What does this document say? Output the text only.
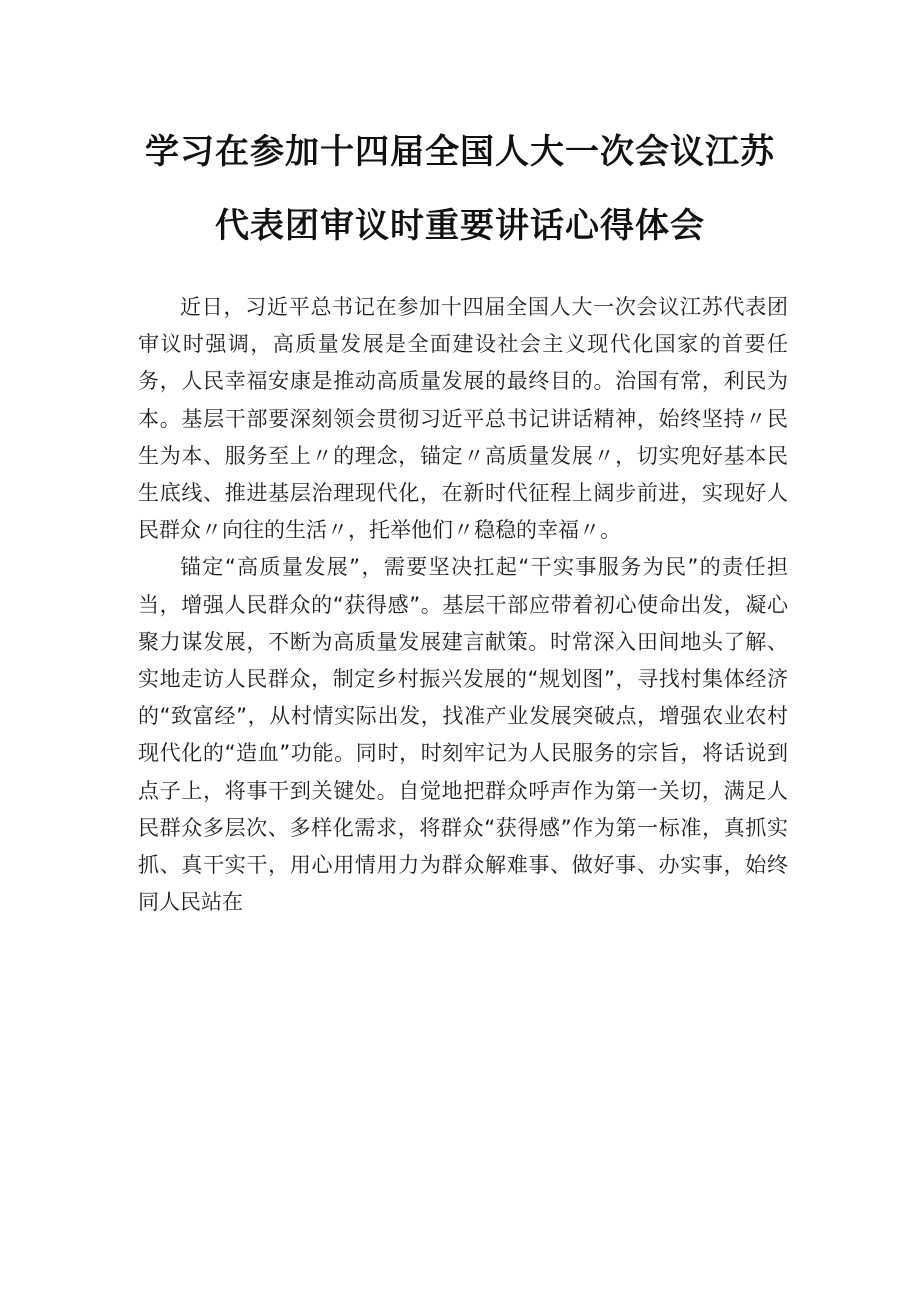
学习在参加十四届全国人大一次会议江苏
代表团审议时重要讲话心得体会

近日，习近平总书记在参加十四届全国人大一次会议江苏代表团审议时强调，高质量发展是全面建设社会主义现代化国家的首要任务，人民幸福安康是推动高质量发展的最终目的。治国有常，利民为本。基层干部要深刻领会贯彻习近平总书记讲话精神，始终坚持〃民生为本、服务至上〃的理念，锚定〃高质量发展〃，切实兜好基本民生底线、推进基层治理现代化，在新时代征程上阔步前进，实现好人民群众〃向往的生活〃，托举他们〃稳稳的幸福〃。

锚定“高质量发展”，需要坚决扛起“干实事服务为民”的责任担当，增强人民群众的“获得感”。基层干部应带着初心使命出发，凝心聚力谋发展，不断为高质量发展建言献策。时常深入田间地头了解、实地走访人民群众，制定乡村振兴发展的“规划图”，寻找村集体经济的“致富经”，从村情实际出发，找准产业发展突破点，增强农业农村现代化的“造血”功能。同时，时刻牢记为人民服务的宗旨，将话说到点子上，将事干到关键处。自觉地把群众呼声作为第一关切，满足人民群众多层次、多样化需求，将群众“获得感”作为第一标准，真抓实抓、真干实干，用心用情用力为群众解难事、做好事、办实事，始终同人民站在
